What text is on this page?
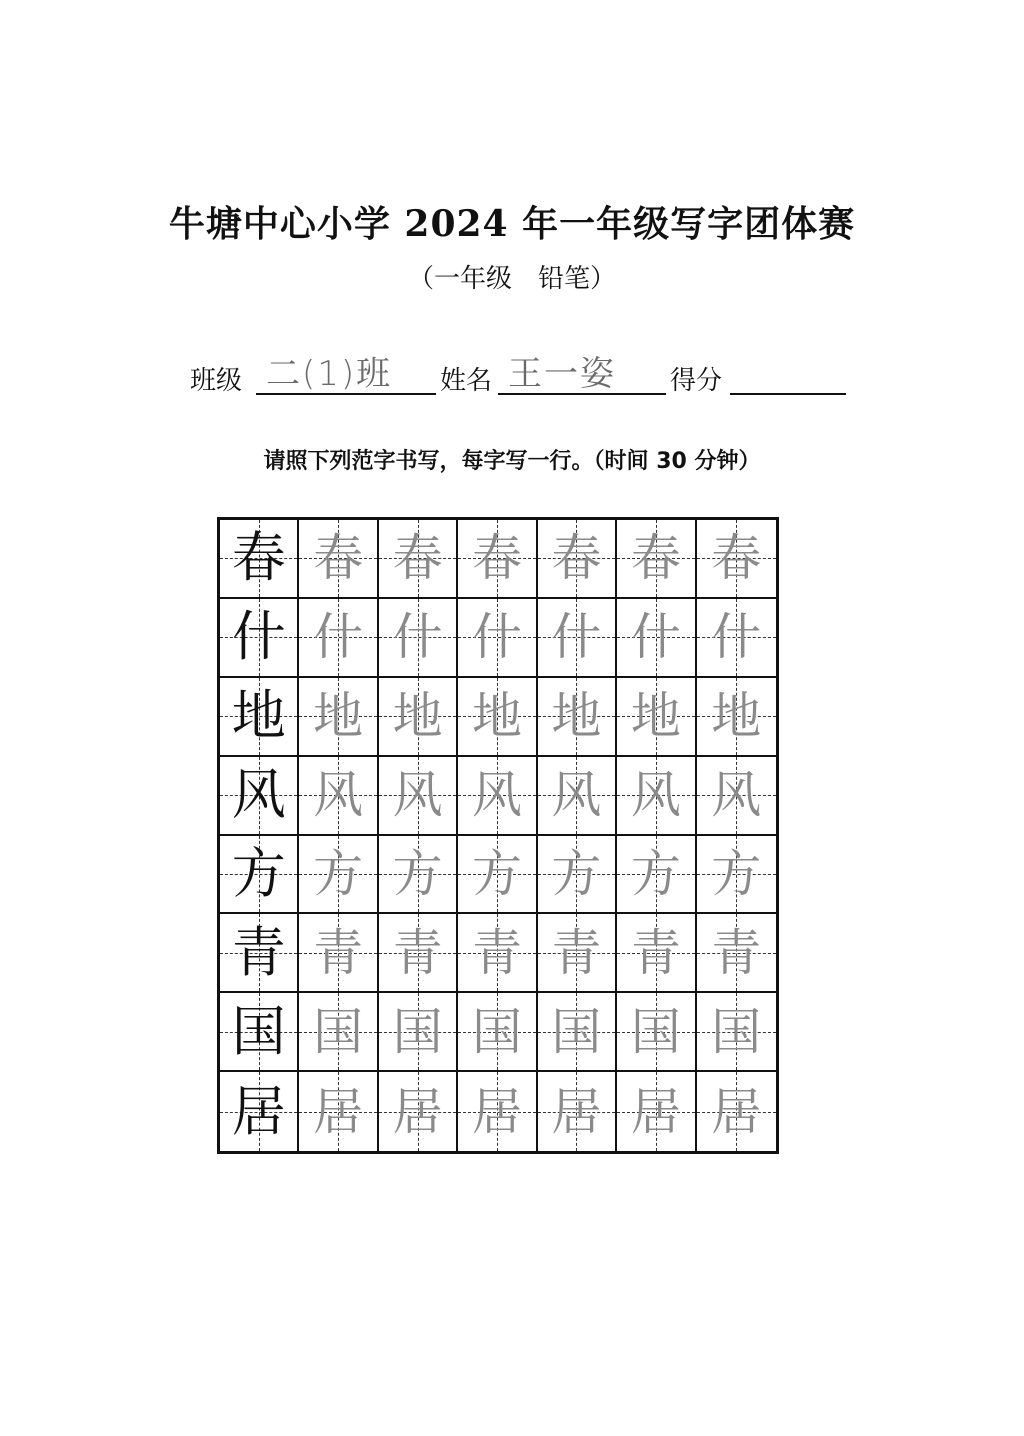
牛塘中心小学 2024 年一年级写字团体赛
（一年级　铅笔）
班级 二(1)班 姓名 王一姿 得分
请照下列范字书写，每字写一行。（时间 30 分钟）
春 春 春 春 春 春 春
什 什 什 什 什 什 什
地 地 地 地 地 地 地
风 风 风 风 风 风 风
方 方 方 方 方 方 方
青 青 青 青 青 青 青
国 国 国 国 国 国 国
居 居 居 居 居 居 居
